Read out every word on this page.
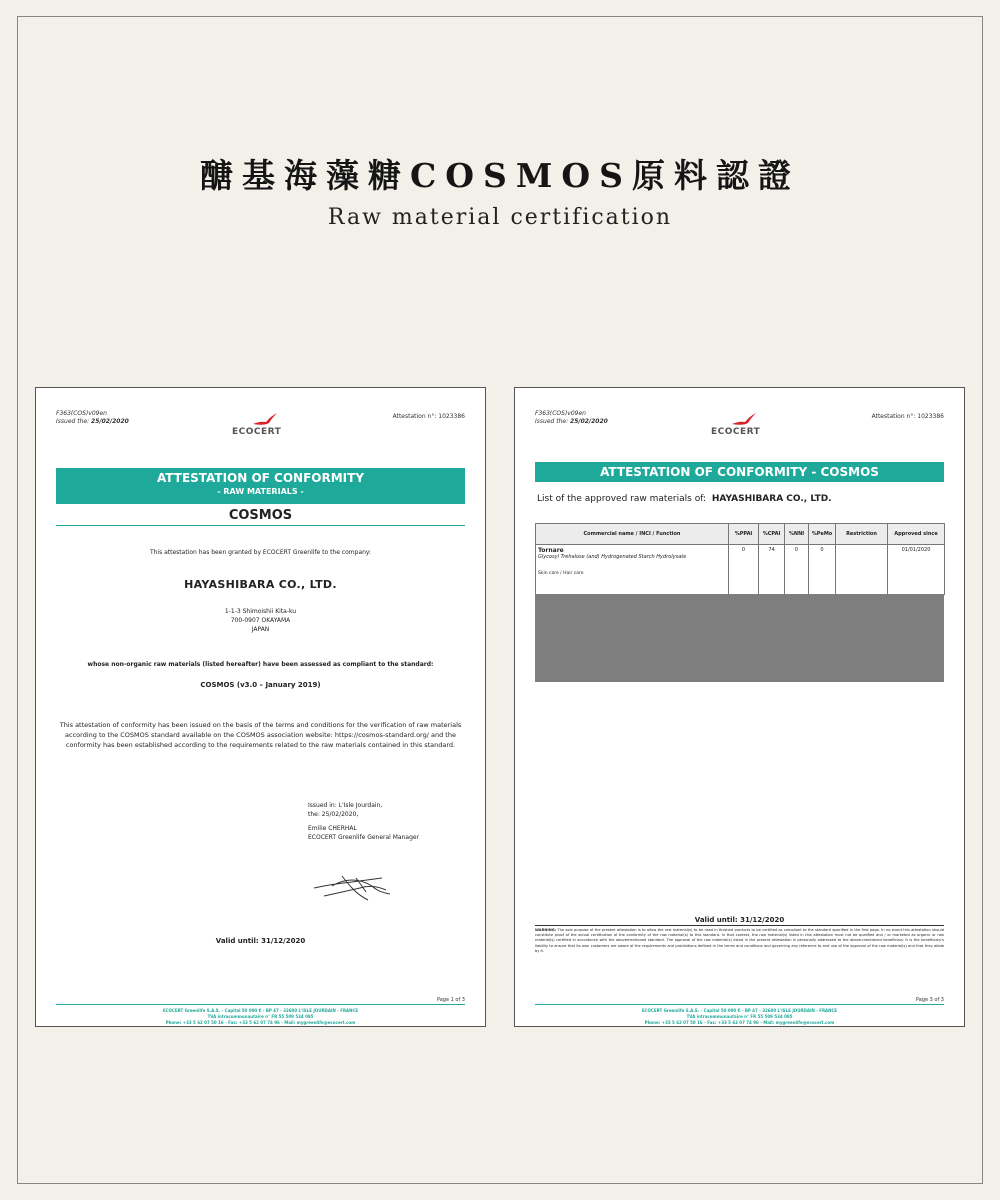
醣基海藻糖COSMOS原料認證
Raw material certification
F363(COS)v09en
Issued the: 25/02/2020
Attestation n°: 1023386
ECOCERT
ATTESTATION OF CONFORMITY
- RAW MATERIALS -
COSMOS
This attestation has been granted by ECOCERT Greenlife to the company:
HAYASHIBARA CO., LTD.
1-1-3 Shimoishii Kita-ku
700-0907 OKAYAMA
JAPAN
whose non-organic raw materials (listed hereafter) have been assessed as compliant to the standard:
COSMOS (v3.0 – January 2019)
This attestation of conformity has been issued on the basis of the terms and conditions for the verification of raw materials according to the COSMOS standard available on the COSMOS association website: https://cosmos-standard.org/ and the conformity has been established according to the requirements related to the raw materials contained in this standard.
Issued in: L'Isle Jourdain,
the: 25/02/2020,
Emilie CHERHAL
ECOCERT Greenlife General Manager
Valid until: 31/12/2020
Page 1 of 3
ECOCERT Greenlife S.A.S. - Capital 50 000 € - BP 47 - 32600 L'ISLE JOURDAIN - FRANCE
TVA intracommunautaire n° FR 55 509 534 095
Phone: +33 5 62 07 50 16 - Fax: +33 5 62 07 74 96 - Mail: mygreenlife@ecocert.com
F363(COS)v09en
Issued the: 25/02/2020
Attestation n°: 1023386
ECOCERT
ATTESTATION OF CONFORMITY - COSMOS
List of the approved raw materials of: HAYASHIBARA CO., LTD.
Commercial name / INCI / Function	%PPAI	%CPAI	%NNI	%PeMo	Restriction	Approved since

Tornare
Glycosyl Trehalose (and) Hydrogenated Starch Hydrolysate
Skin care / Hair care	0	74	0	0		01/01/2020
Valid until: 31/12/2020
WARNING: The sole purpose of the present attestation is to allow the raw material(s) to be used in finished products to be certified as compliant to the standard specified in the first page. In no event this attestation should constitute proof of the actual certification of the conformity of the raw material(s) to this standard. In that context, the raw material(s) listed in this attestation must not be qualified and / or marketed as organic or raw material(s) certified in accordance with the abovementioned standard. The approval of the raw material(s) listed in the present attestation is personally addressed to the above-mentioned beneficiary. It is the beneficiary's liability to ensure that its own customers are aware of the requirements and prohibitions defined in the terms and conditions and governing any reference to and use of the approval of the raw material(s) and that they abide by it.
Page 3 of 3
ECOCERT Greenlife S.A.S. - Capital 50 000 € - BP 47 - 32600 L'ISLE JOURDAIN - FRANCE
TVA intracommunautaire n° FR 55 509 534 095
Phone: +33 5 62 07 50 16 - Fax: +33 5 62 07 74 96 - Mail: mygreenlife@ecocert.com
